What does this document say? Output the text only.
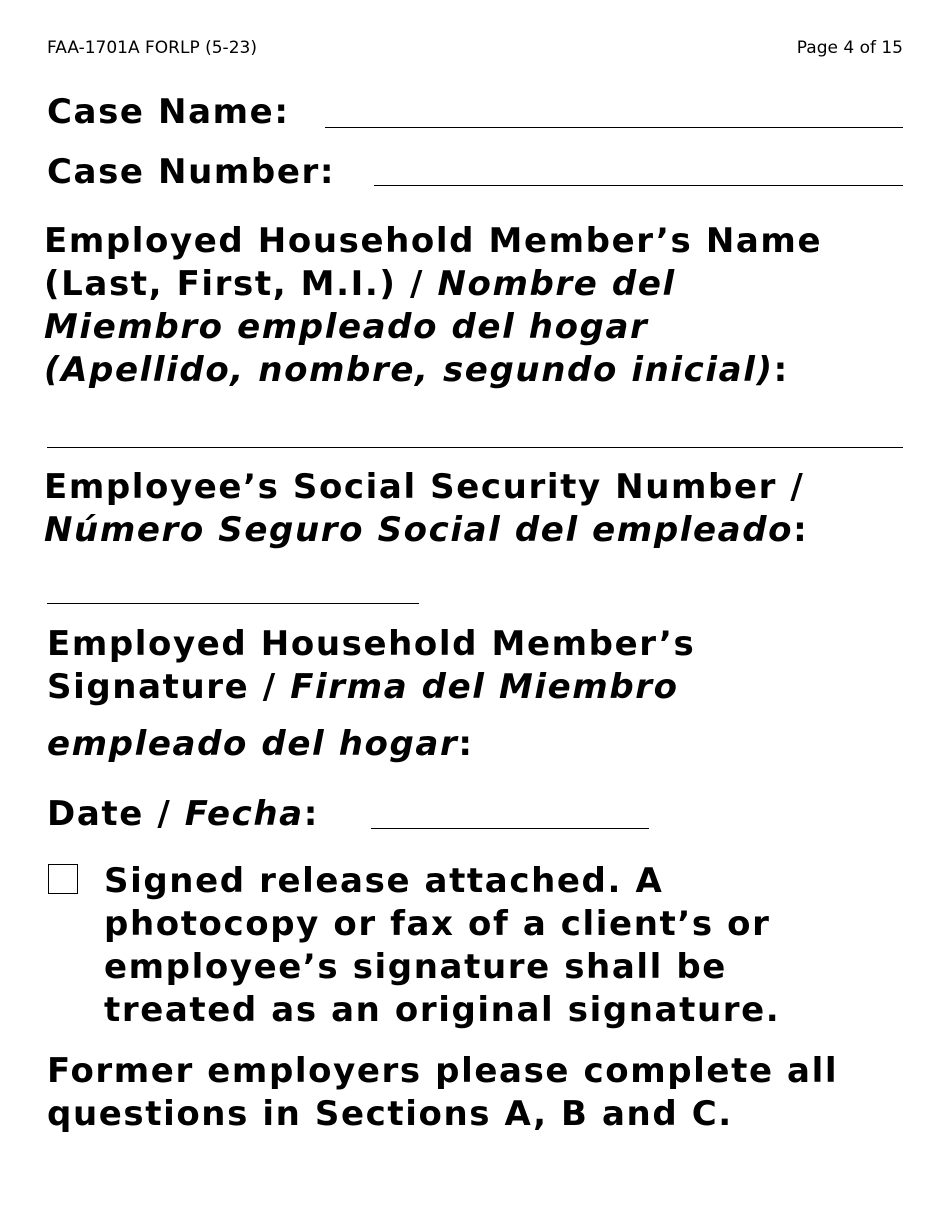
FAA-1701A FORLP (5-23)	Page 4 of 15
Case Name:
Case Number:
Employed Household Member’s Name
(Last, First, M.I.) / Nombre del
Miembro empleado del hogar
(Apellido, nombre, segundo inicial):
Employee’s Social Security Number /
Número Seguro Social del empleado:
Employed Household Member’s
Signature / Firma del Miembro
empleado del hogar:
Date / Fecha:
Signed release attached. A
photocopy or fax of a client’s or
employee’s signature shall be
treated as an original signature.
Former employers please complete all
questions in Sections A, B and C.
